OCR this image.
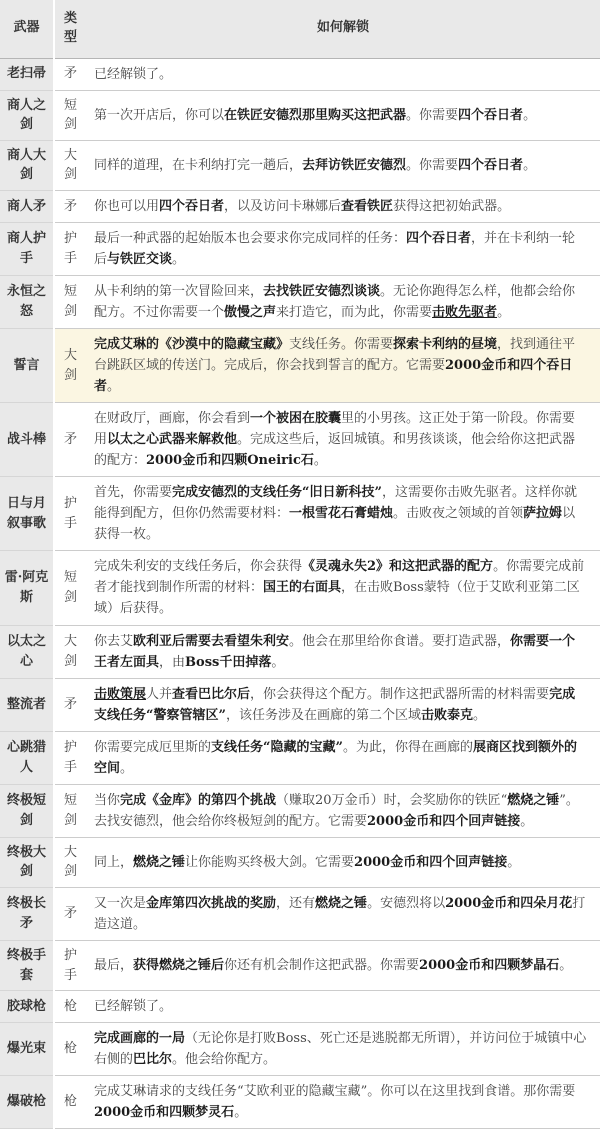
武器	类型	如何解锁
老扫帚	矛	已经解锁了。
商人之剑	短剑	第一次开店后，你可以在铁匠安德烈那里购买这把武器。你需要四个吞日者。
商人大剑	大剑	同样的道理，在卡利纳打完一趟后，去拜访铁匠安德烈。你需要四个吞日者。
商人矛	矛	你也可以用四个吞日者，以及访问卡琳娜后查看铁匠获得这把初始武器。
商人护手	护手	最后一种武器的起始版本也会要求你完成同样的任务：四个吞日者，并在卡利纳一轮后与铁匠交谈。
永恒之怒	短剑	从卡利纳的第一次冒险回来，去找铁匠安德烈谈谈。无论你跑得怎么样，他都会给你配方。不过你需要一个傲慢之声来打造它，而为此，你需要击败先驱者。
誓言	大剑	完成艾琳的《沙漠中的隐藏宝藏》支线任务。你需要探索卡利纳的昼境，找到通往平台跳跃区域的传送门。完成后，你会找到誓言的配方。它需要2000金币和四个吞日者。
战斗棒	矛	在财政厅，画廊，你会看到一个被困在胶囊里的小男孩。这正处于第一阶段。你需要用以太之心武器来解救他。完成这些后，返回城镇。和男孩谈谈，他会给你这把武器的配方：2000金币和四颗Oneiric石。
日与月叙事歌	护手	首先，你需要完成安德烈的支线任务“旧日新科技”，这需要你击败先驱者。这样你就能得到配方，但你仍然需要材料：一根雪花石膏蜡烛。击败夜之领域的首领萨拉姆以获得一枚。
雷·阿克斯	短剑	完成朱利安的支线任务后，你会获得《灵魂永失2》和这把武器的配方。你需要完成前者才能找到制作所需的材料：国王的右面具，在击败Boss蒙特（位于艾欧利亚第二区域）后获得。
以太之心	大剑	你去艾欧利亚后需要去看望朱利安。他会在那里给你食谱。要打造武器，你需要一个王者左面具，由Boss千田掉落。
整流者	矛	击败策展人并查看巴比尔后，你会获得这个配方。制作这把武器所需的材料需要完成支线任务“警察管辖区”，该任务涉及在画廊的第二个区域击败泰克。
心跳猎人	护手	你需要完成厄里斯的支线任务“隐藏的宝藏”。为此，你得在画廊的展商区找到额外的空间。
终极短剑	短剑	当你完成《金库》的第四个挑战（赚取20万金币）时，会奖励你的铁匠“燃烧之锤”。去找安德烈，他会给你终极短剑的配方。它需要2000金币和四个回声链接。
终极大剑	大剑	同上，燃烧之锤让你能购买终极大剑。它需要2000金币和四个回声链接。
终极长矛	矛	又一次是金库第四次挑战的奖励，还有燃烧之锤。安德烈将以2000金币和四朵月花打造这道。
终极手套	护手	最后，获得燃烧之锤后你还有机会制作这把武器。你需要2000金币和四颗梦晶石。
胶球枪	枪	已经解锁了。
爆光束	枪	完成画廊的一局（无论你是打败Boss、死亡还是逃脱都无所谓），并访问位于城镇中心右侧的巴比尔。他会给你配方。
爆破枪	枪	完成艾琳请求的支线任务“艾欧利亚的隐藏宝藏”。你可以在这里找到食谱。那你需要2000金币和四颗梦灵石。
